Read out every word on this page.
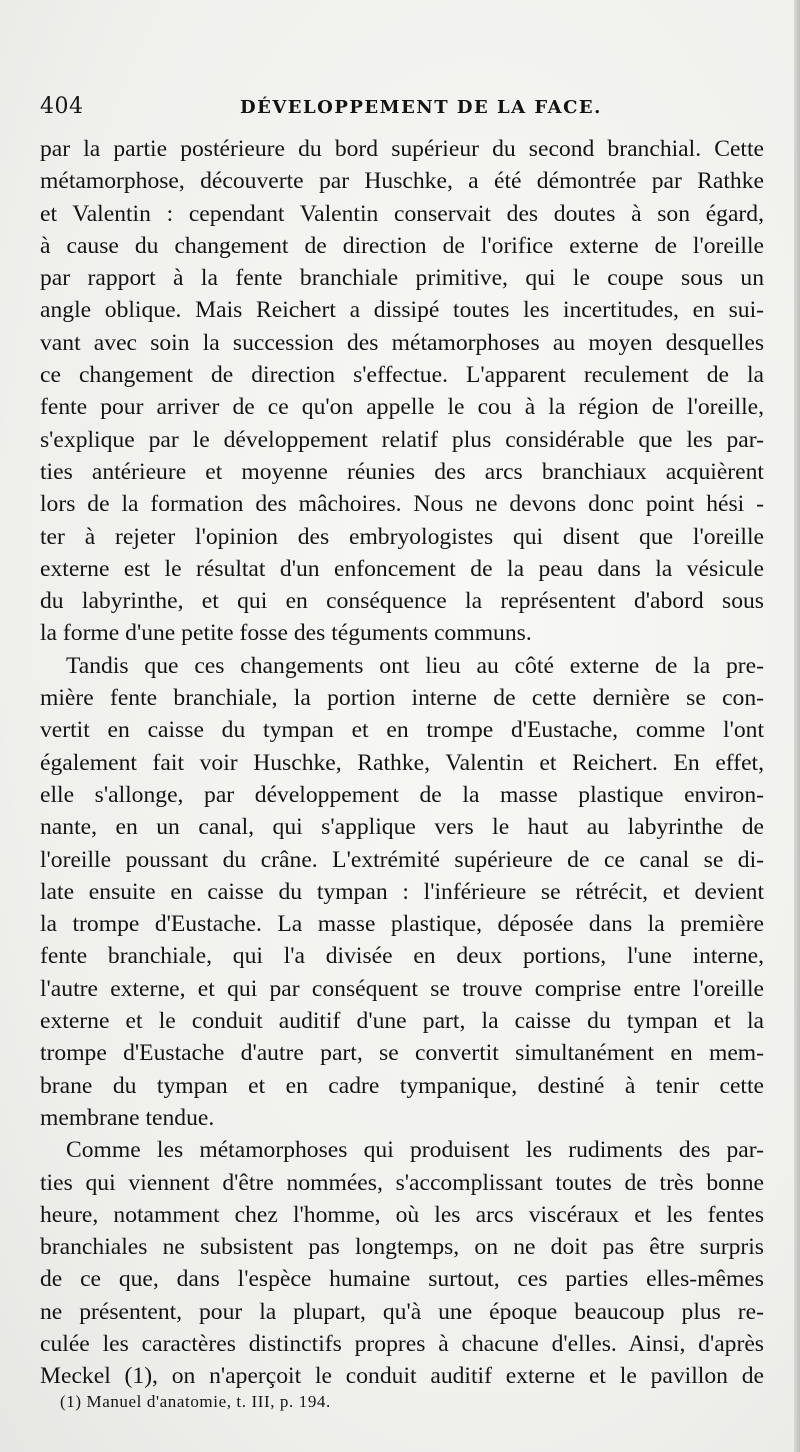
404	DÉVELOPPEMENT DE LA FACE.
par la partie postérieure du bord supérieur du second branchial. Cette
métamorphose, découverte par Huschke, a été démontrée par Rathke
et Valentin : cependant Valentin conservait des doutes à son égard,
à cause du changement de direction de l'orifice externe de l'oreille
par rapport à la fente branchiale primitive, qui le coupe sous un
angle oblique. Mais Reichert a dissipé toutes les incertitudes, en sui-
vant avec soin la succession des métamorphoses au moyen desquelles
ce changement de direction s'effectue. L'apparent reculement de la
fente pour arriver de ce qu'on appelle le cou à la région de l'oreille,
s'explique par le développement relatif plus considérable que les par-
ties antérieure et moyenne réunies des arcs branchiaux acquièrent
lors de la formation des mâchoires. Nous ne devons donc point hési -
ter à rejeter l'opinion des embryologistes qui disent que l'oreille
externe est le résultat d'un enfoncement de la peau dans la vésicule
du labyrinthe, et qui en conséquence la représentent d'abord sous
la forme d'une petite fosse des téguments communs.
Tandis que ces changements ont lieu au côté externe de la pre-
mière fente branchiale, la portion interne de cette dernière se con-
vertit en caisse du tympan et en trompe d'Eustache, comme l'ont
également fait voir Huschke, Rathke, Valentin et Reichert. En effet,
elle s'allonge, par développement de la masse plastique environ-
nante, en un canal, qui s'applique vers le haut au labyrinthe de
l'oreille poussant du crâne. L'extrémité supérieure de ce canal se di-
late ensuite en caisse du tympan : l'inférieure se rétrécit, et devient
la trompe d'Eustache. La masse plastique, déposée dans la première
fente branchiale, qui l'a divisée en deux portions, l'une interne,
l'autre externe, et qui par conséquent se trouve comprise entre l'oreille
externe et le conduit auditif d'une part, la caisse du tympan et la
trompe d'Eustache d'autre part, se convertit simultanément en mem-
brane du tympan et en cadre tympanique, destiné à tenir cette
membrane tendue.
Comme les métamorphoses qui produisent les rudiments des par-
ties qui viennent d'être nommées, s'accomplissant toutes de très bonne
heure, notamment chez l'homme, où les arcs viscéraux et les fentes
branchiales ne subsistent pas longtemps, on ne doit pas être surpris
de ce que, dans l'espèce humaine surtout, ces parties elles-mêmes
ne présentent, pour la plupart, qu'à une époque beaucoup plus re-
culée les caractères distinctifs propres à chacune d'elles. Ainsi, d'après
Meckel (1), on n'aperçoit le conduit auditif externe et le pavillon de
(1) Manuel d'anatomie, t. III, p. 194.
